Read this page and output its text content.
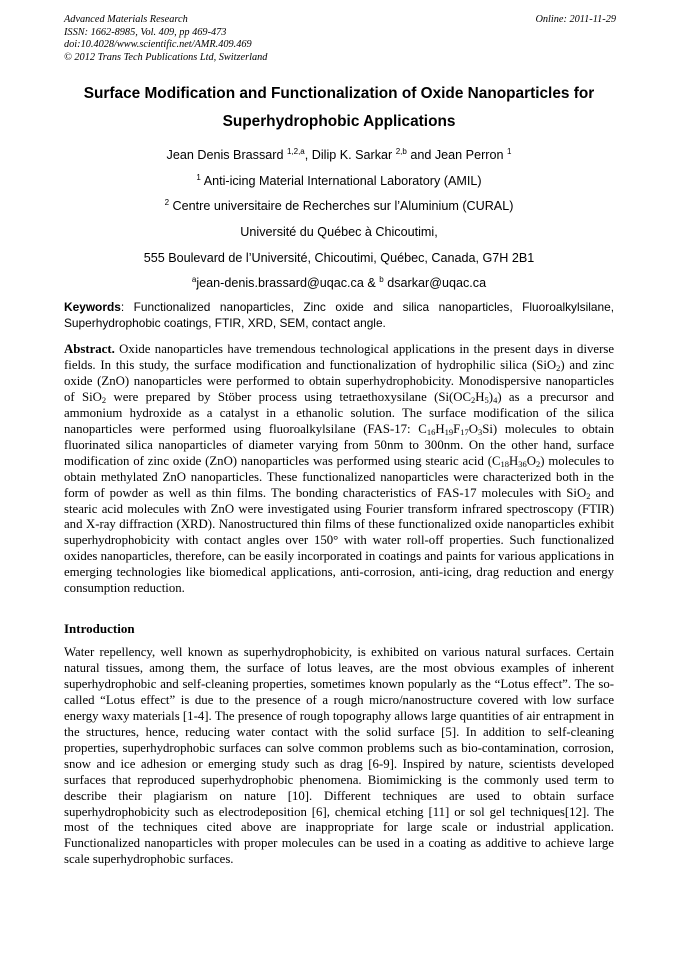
Advanced Materials Research
ISSN: 1662-8985, Vol. 409, pp 469-473
doi:10.4028/www.scientific.net/AMR.409.469
© 2012 Trans Tech Publications Ltd, Switzerland
Online: 2011-11-29
Surface Modification and Functionalization of Oxide Nanoparticles for
Superhydrophobic Applications
Jean Denis Brassard $^{1,2,a}$, Dilip K. Sarkar $^{2,b}$ and Jean Perron $^1$
$^1$ Anti-icing Material International Laboratory (AMIL)
$^2$ Centre universitaire de Recherches sur l’Aluminium (CURAL)
Université du Québec à Chicoutimi,
555 Boulevard de l’Université, Chicoutimi, Québec, Canada, G7H 2B1
$^a$jean-denis.brassard@uqac.ca & $^b$ dsarkar@uqac.ca
Keywords: Functionalized nanoparticles, Zinc oxide and silica nanoparticles, Fluoroalkylsilane, Superhydrophobic coatings, FTIR, XRD, SEM, contact angle.
Abstract. Oxide nanoparticles have tremendous technological applications in the present days in diverse fields. In this study, the surface modification and functionalization of hydrophilic silica (SiO$_2$) and zinc oxide (ZnO) nanoparticles were performed to obtain superhydrophobicity. Monodispersive nanoparticles of SiO$_2$ were prepared by Stöber process using tetraethoxysilane $(Si(OC_2H_5)_4)$ as a precursor and ammonium hydroxide as a catalyst in a ethanolic solution. The surface modification of the silica nanoparticles were performed using fluoroalkylsilane (FAS-17: $C_{16}H_{19}F_{17}O_3Si$) molecules to obtain fluorinated silica nanoparticles of diameter varying from 50nm to 300nm. On the other hand, surface modification of zinc oxide (ZnO) nanoparticles was performed using stearic acid $(C_{18}H_{36}O_2)$ molecules to obtain methylated ZnO nanoparticles. These functionalized nanoparticles were characterized both in the form of powder as well as thin films. The bonding characteristics of FAS-17 molecules with SiO$_2$ and stearic acid molecules with ZnO were investigated using Fourier transform infrared spectroscopy (FTIR) and X-ray diffraction (XRD). Nanostructured thin films of these functionalized oxide nanoparticles exhibit superhydrophobicity with contact angles over 150° with water roll-off properties. Such functionalized oxides nanoparticles, therefore, can be easily incorporated in coatings and paints for various applications in emerging technologies like biomedical applications, anti-corrosion, anti-icing, drag reduction and energy consumption reduction.
Introduction
Water repellency, well known as superhydrophobicity, is exhibited on various natural surfaces. Certain natural tissues, among them, the surface of lotus leaves, are the most obvious examples of inherent superhydrophobic and self-cleaning properties, sometimes known popularly as the “Lotus effect”. The so-called “Lotus effect” is due to the presence of a rough micro/nanostructure covered with low surface energy waxy materials [1-4]. The presence of rough topography allows large quantities of air entrapment in the structures, hence, reducing water contact with the solid surface [5]. In addition to self-cleaning properties, superhydrophobic surfaces can solve common problems such as bio-contamination, corrosion, snow and ice adhesion or emerging study such as drag [6-9]. Inspired by nature, scientists developed surfaces that reproduced superhydrophobic phenomena. Biomimicking is the commonly used term to describe their plagiarism on nature [10]. Different techniques are used to obtain surface superhydrophobicity such as electrodeposition [6], chemical etching [11] or sol gel techniques[12]. The most of the techniques cited above are inappropriate for large scale or industrial application. Functionalized nanoparticles with proper molecules can be used in a coating as additive to achieve large scale superhydrophobic surfaces.
